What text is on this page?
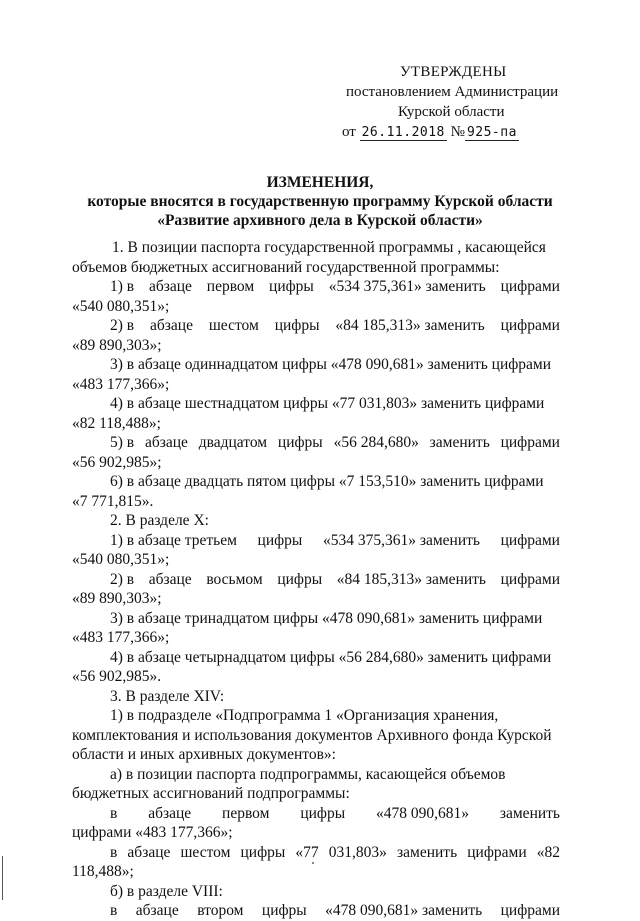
УТВЕРЖДЕНЫ
постановлением Администрации
Курской области
от 26.11.2018 № 925-па
ИЗМЕНЕНИЯ,
которые вносятся в государственную программу Курской области
«Развитие архивного дела в Курской области»
1. В позиции паспорта государственной программы , касающейся
объемов бюджетных ассигнований государственной программы:
1) в абзаце первом цифры «534 375,361» заменить цифрами
«540 080,351»;
2) в абзаце шестом цифры «84 185,313» заменить цифрами
«89 890,303»;
3) в абзаце одиннадцатом цифры «478 090,681» заменить цифрами
«483 177,366»;
4) в абзаце шестнадцатом цифры «77 031,803» заменить цифрами
«82 118,488»;
5) в абзаце двадцатом цифры «56 284,680» заменить цифрами
«56 902,985»;
6) в абзаце двадцать пятом цифры «7 153,510» заменить цифрами
«7 771,815».
2. В разделе X:
1) в абзаце третьем цифры «534 375,361» заменить цифрами
«540 080,351»;
2) в абзаце восьмом цифры «84 185,313» заменить цифрами
«89 890,303»;
3) в абзаце тринадцатом цифры «478 090,681» заменить цифрами
«483 177,366»;
4) в абзаце четырнадцатом цифры «56 284,680» заменить цифрами
«56 902,985».
3. В разделе XIV:
1) в подразделе «Подпрограмма 1 «Организация хранения,
комплектования и использования документов Архивного фонда Курской
области и иных архивных документов»:
а) в позиции паспорта подпрограммы, касающейся объемов
бюджетных ассигнований подпрограммы:
в абзаце первом цифры «478 090,681» заменить
цифрами «483 177,366»;
в абзаце шестом цифры «77 031,803» заменить цифрами «82 118,488»;
б) в разделе VIII:
в абзаце втором цифры «478 090,681» заменить цифрами
